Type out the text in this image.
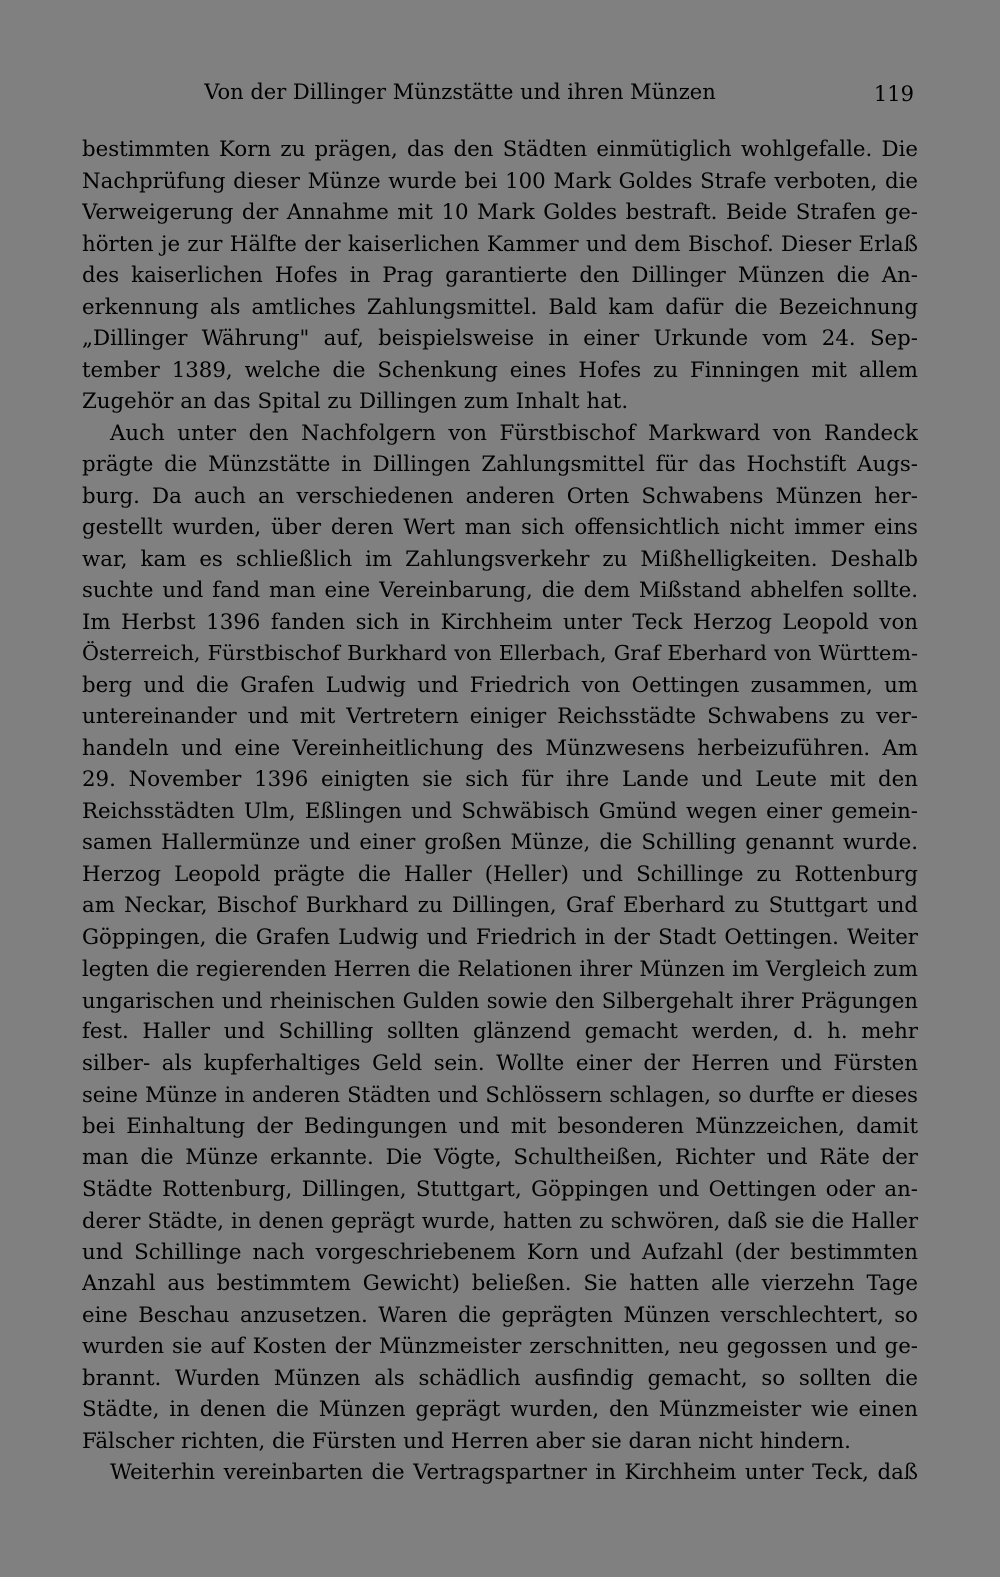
Von der Dillinger Münzstätte und ihren Münzen	119
bestimmten Korn zu prägen, das den Städten einmütiglich wohlgefalle. Die
Nachprüfung dieser Münze wurde bei 100 Mark Goldes Strafe verboten, die
Verweigerung der Annahme mit 10 Mark Goldes bestraft. Beide Strafen ge-
hörten je zur Hälfte der kaiserlichen Kammer und dem Bischof. Dieser Erlaß
des kaiserlichen Hofes in Prag garantierte den Dillinger Münzen die An-
erkennung als amtliches Zahlungsmittel. Bald kam dafür die Bezeichnung
„Dillinger Währung" auf, beispielsweise in einer Urkunde vom 24. Sep-
tember 1389, welche die Schenkung eines Hofes zu Finningen mit allem
Zugehör an das Spital zu Dillingen zum Inhalt hat.
Auch unter den Nachfolgern von Fürstbischof Markward von Randeck
prägte die Münzstätte in Dillingen Zahlungsmittel für das Hochstift Augs-
burg. Da auch an verschiedenen anderen Orten Schwabens Münzen her-
gestellt wurden, über deren Wert man sich offensichtlich nicht immer eins
war, kam es schließlich im Zahlungsverkehr zu Mißhelligkeiten. Deshalb
suchte und fand man eine Vereinbarung, die dem Mißstand abhelfen sollte.
Im Herbst 1396 fanden sich in Kirchheim unter Teck Herzog Leopold von
Österreich, Fürstbischof Burkhard von Ellerbach, Graf Eberhard von Württem-
berg und die Grafen Ludwig und Friedrich von Oettingen zusammen, um
untereinander und mit Vertretern einiger Reichsstädte Schwabens zu ver-
handeln und eine Vereinheitlichung des Münzwesens herbeizuführen. Am
29. November 1396 einigten sie sich für ihre Lande und Leute mit den
Reichsstädten Ulm, Eßlingen und Schwäbisch Gmünd wegen einer gemein-
samen Hallermünze und einer großen Münze, die Schilling genannt wurde.
Herzog Leopold prägte die Haller (Heller) und Schillinge zu Rottenburg
am Neckar, Bischof Burkhard zu Dillingen, Graf Eberhard zu Stuttgart und
Göppingen, die Grafen Ludwig und Friedrich in der Stadt Oettingen. Weiter
legten die regierenden Herren die Relationen ihrer Münzen im Vergleich zum
ungarischen und rheinischen Gulden sowie den Silbergehalt ihrer Prägungen
fest. Haller und Schilling sollten glänzend gemacht werden, d. h. mehr
silber- als kupferhaltiges Geld sein. Wollte einer der Herren und Fürsten
seine Münze in anderen Städten und Schlössern schlagen, so durfte er dieses
bei Einhaltung der Bedingungen und mit besonderen Münzzeichen, damit
man die Münze erkannte. Die Vögte, Schultheißen, Richter und Räte der
Städte Rottenburg, Dillingen, Stuttgart, Göppingen und Oettingen oder an-
derer Städte, in denen geprägt wurde, hatten zu schwören, daß sie die Haller
und Schillinge nach vorgeschriebenem Korn und Aufzahl (der bestimmten
Anzahl aus bestimmtem Gewicht) beließen. Sie hatten alle vierzehn Tage
eine Beschau anzusetzen. Waren die geprägten Münzen verschlechtert, so
wurden sie auf Kosten der Münzmeister zerschnitten, neu gegossen und ge-
brannt. Wurden Münzen als schädlich ausfindig gemacht, so sollten die
Städte, in denen die Münzen geprägt wurden, den Münzmeister wie einen
Fälscher richten, die Fürsten und Herren aber sie daran nicht hindern.
Weiterhin vereinbarten die Vertragspartner in Kirchheim unter Teck, daß
